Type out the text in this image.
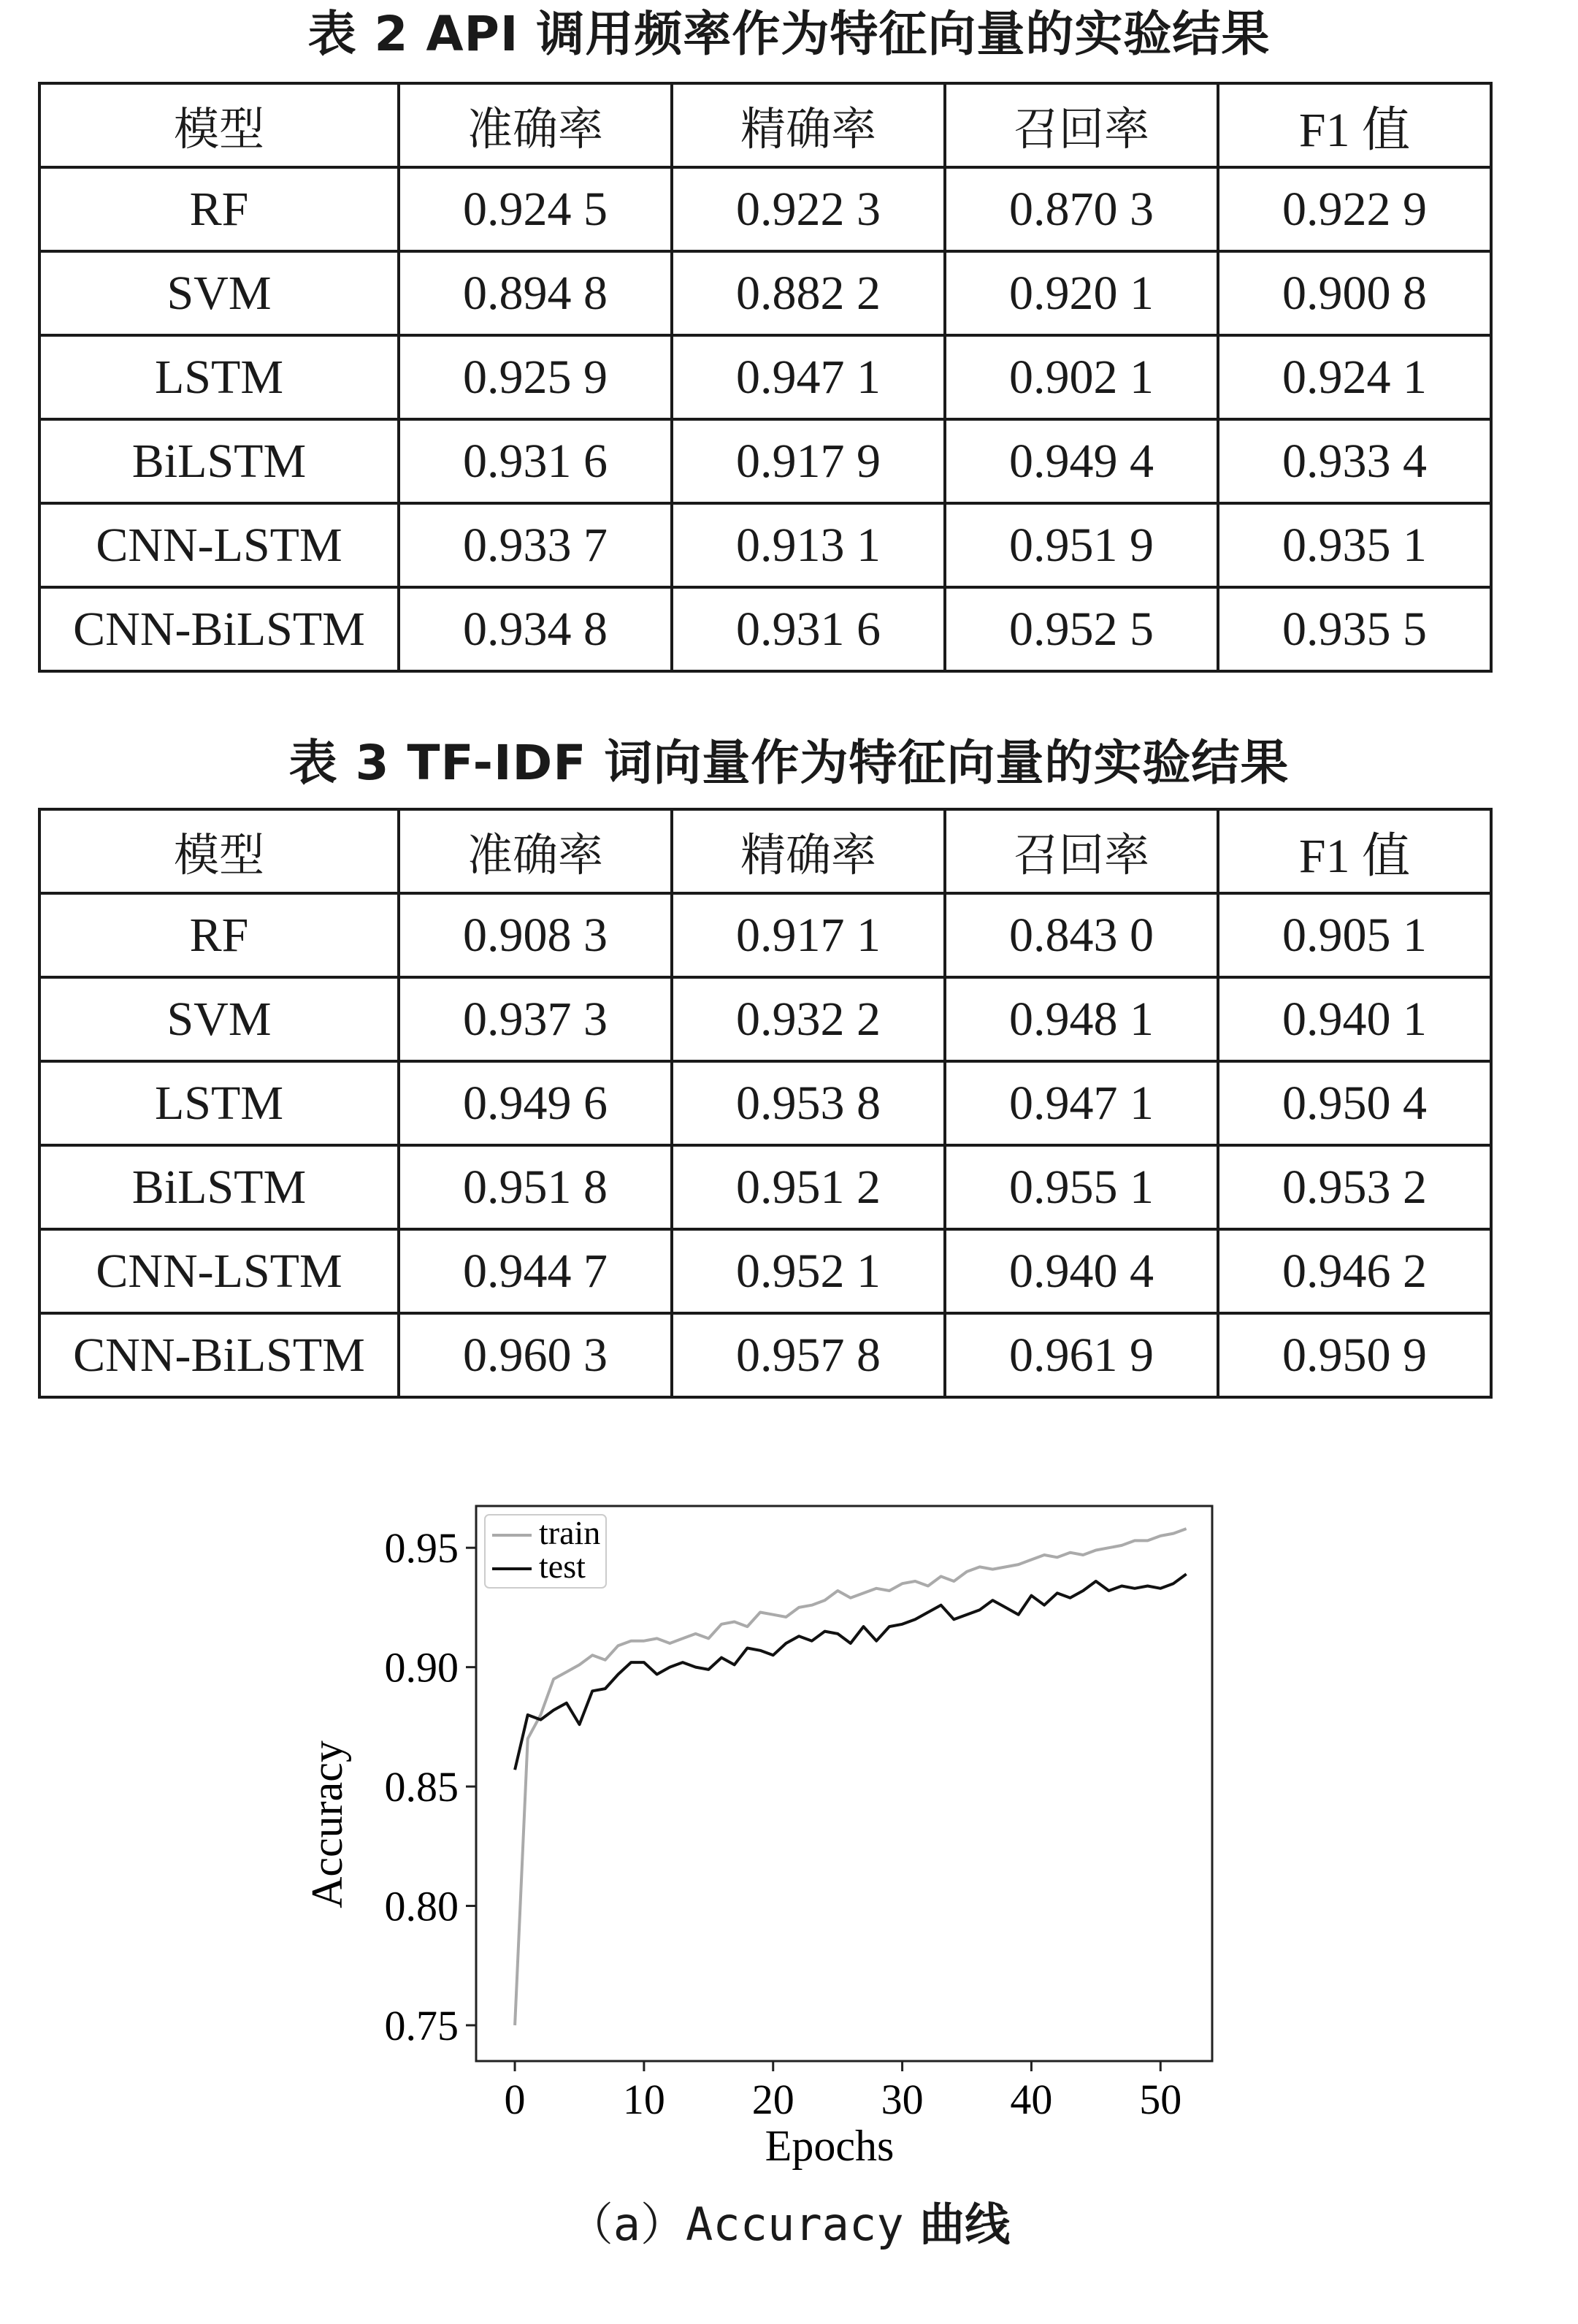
表 2 API 调用频率作为特征向量的实验结果
模型	准确率	精确率	召回率	F1 值
RF	0.924 5	0.922 3	0.870 3	0.922 9
SVM	0.894 8	0.882 2	0.920 1	0.900 8
LSTM	0.925 9	0.947 1	0.902 1	0.924 1
BiLSTM	0.931 6	0.917 9	0.949 4	0.933 4
CNN-LSTM	0.933 7	0.913 1	0.951 9	0.935 1
CNN-BiLSTM	0.934 8	0.931 6	0.952 5	0.935 5
表 3 TF-IDF 词向量作为特征向量的实验结果
模型	准确率	精确率	召回率	F1 值
RF	0.908 3	0.917 1	0.843 0	0.905 1
SVM	0.937 3	0.932 2	0.948 1	0.940 1
LSTM	0.949 6	0.953 8	0.947 1	0.950 4
BiLSTM	0.951 8	0.951 2	0.955 1	0.953 2
CNN-LSTM	0.944 7	0.952 1	0.940 4	0.946 2
CNN-BiLSTM	0.960 3	0.957 8	0.961 9	0.950 9
Epochs
Accuracy
0 10 20 30 40 50
0.75
0.80
0.85
0.90
0.95 train
test
（a）Accuracy 曲线
